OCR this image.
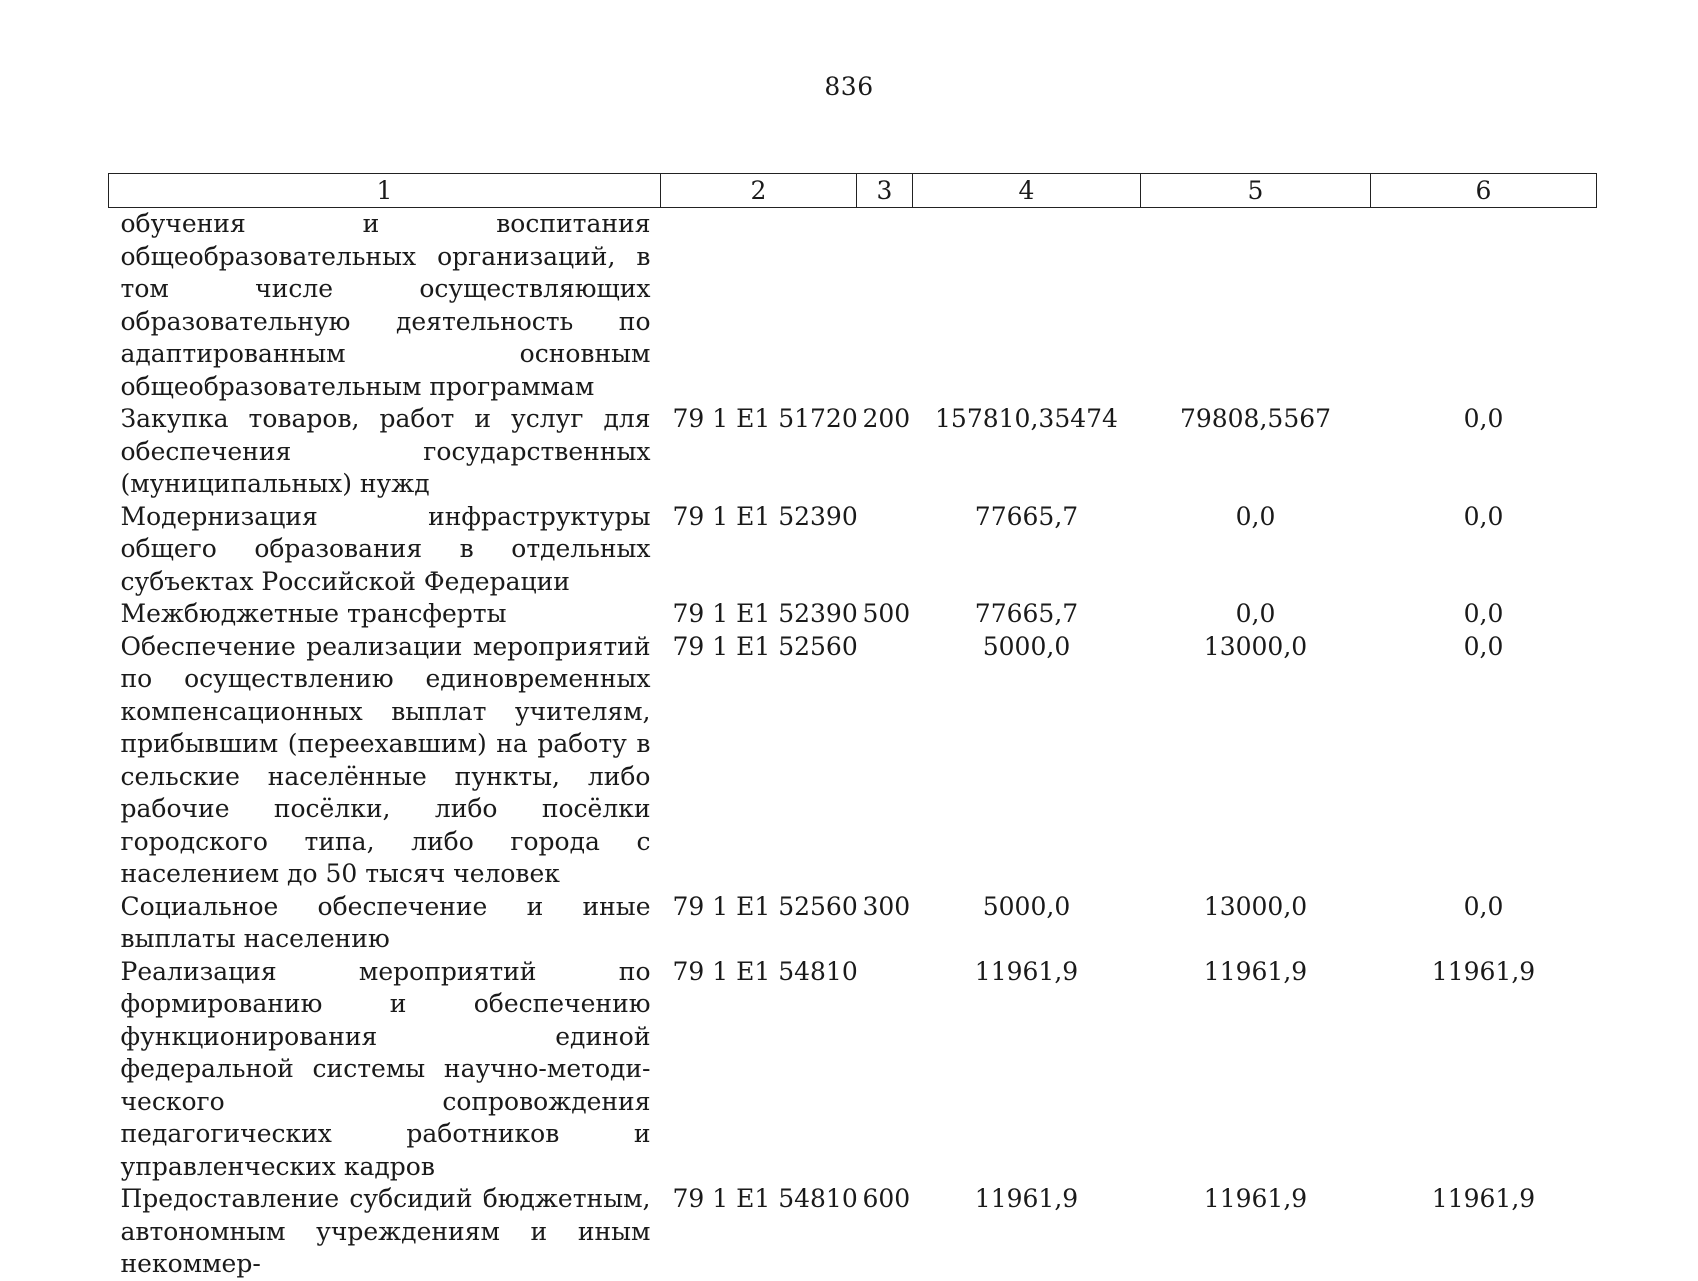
836
1	2	3	4	5	6
обучения и воспитания общеобразовательных организаций, в том числе осуществляющих образовательную деятельность по адаптированным основным общеобразовательным программам					
Закупка товаров, работ и услуг для обеспечения государственных (муниципальных) нужд	79 1 E1 51720	200	157810,35474	79808,5567	0,0
Модернизация инфраструктуры общего образования в отдельных субъектах Российской Федерации	79 1 E1 52390		77665,7	0,0	0,0
Межбюджетные трансферты	79 1 E1 52390	500	77665,7	0,0	0,0
Обеспечение реализации мероприятий по осуществлению единовременных компенсационных выплат учителям, прибывшим (переехавшим) на работу в сельские населённые пункты, либо рабочие посёлки, либо посёлки городского типа, либо города с населением до 50 тысяч человек	79 1 E1 52560		5000,0	13000,0	0,0
Социальное обеспечение и иные выплаты населению	79 1 E1 52560	300	5000,0	13000,0	0,0
Реализация мероприятий по формированию и обеспечению функционирования единой федеральной системы научно-методического сопровождения педагогических работников и управленческих кадров	79 1 E1 54810		11961,9	11961,9	11961,9
Предоставление субсидий бюджетным, автономным учреждениям и иным некоммер-	79 1 E1 54810	600	11961,9	11961,9	11961,9
